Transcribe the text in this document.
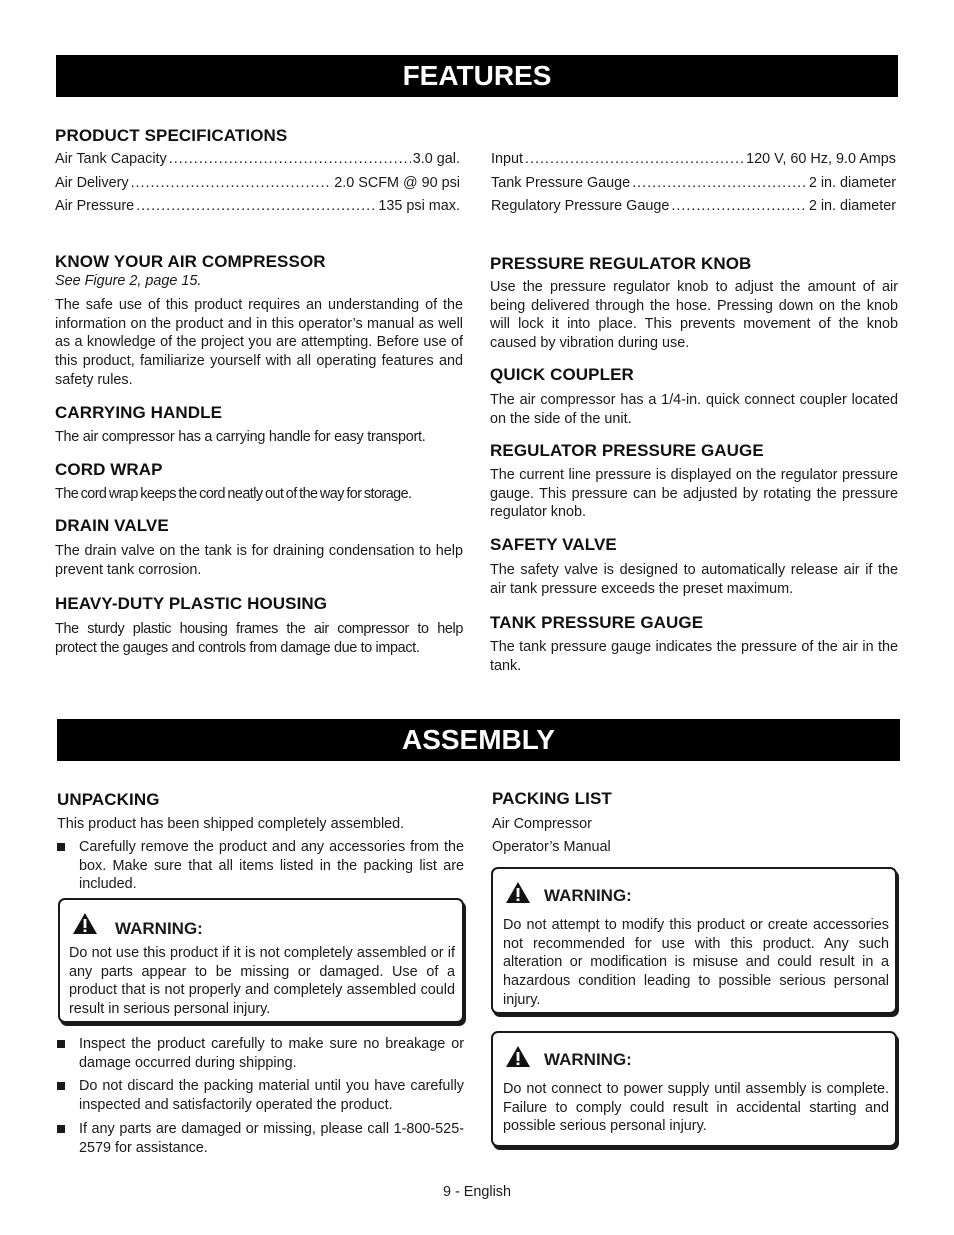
FEATURES
PRODUCT SPECIFICATIONS
Air Tank Capacity .....	3.0 gal.
Air Delivery .....	2.0 SCFM @ 90 psi
Air Pressure .....	135 psi max.
Input .....	120 V, 60 Hz, 9.0 Amps
Tank Pressure Gauge .....	2 in. diameter
Regulatory Pressure Gauge .....	2 in. diameter
KNOW YOUR AIR COMPRESSOR
See Figure 2, page 15.
The safe use of this product requires an understanding of the information on the product and in this operator’s manual as well as a knowledge of the project you are attempting. Before use of this product, familiarize yourself with all operating features and safety rules.
CARRYING HANDLE
The air compressor has a carrying handle for easy transport.
CORD WRAP
The cord wrap keeps the cord neatly out of the way for storage.
DRAIN VALVE
The drain valve on the tank is for draining condensation to help prevent tank corrosion.
HEAVY-DUTY PLASTIC HOUSING
The sturdy plastic housing frames the air compressor to help protect the gauges and controls from damage due to impact.
PRESSURE REGULATOR KNOB
Use the pressure regulator knob to adjust the amount of air being delivered through the hose. Pressing down on the knob will lock it into place. This prevents movement of the knob caused by vibration during use.
QUICK COUPLER
The air compressor has a 1/4-in. quick connect coupler located on the side of the unit.
REGULATOR PRESSURE GAUGE
The current line pressure is displayed on the regulator pressure gauge. This pressure can be adjusted by rotating the pressure regulator knob.
SAFETY VALVE
The safety valve is designed to automatically release air if the air tank pressure exceeds the preset maximum.
TANK PRESSURE GAUGE
The tank pressure gauge indicates the pressure of the air in the tank.
ASSEMBLY
UNPACKING
This product has been shipped completely assembled.
Carefully remove the product and any accessories from the box. Make sure that all items listed in the packing list are included.
WARNING:
Do not use this product if it is not completely assembled or if any parts appear to be missing or damaged. Use of a product that is not properly and completely assembled could result in serious personal injury.
Inspect the product carefully to make sure no breakage or damage occurred during shipping.
Do not discard the packing material until you have carefully inspected and satisfactorily operated the product.
If any parts are damaged or missing, please call 1-800-525-2579 for assistance.
PACKING LIST
Air Compressor
Operator’s Manual
WARNING:
Do not attempt to modify this product or create accessories not recommended for use with this product. Any such alteration or modification is misuse and could result in a hazardous condition leading to possible serious personal injury.
WARNING:
Do not connect to power supply until assembly is complete. Failure to comply could result in accidental starting and possible serious personal injury.
9 - English
